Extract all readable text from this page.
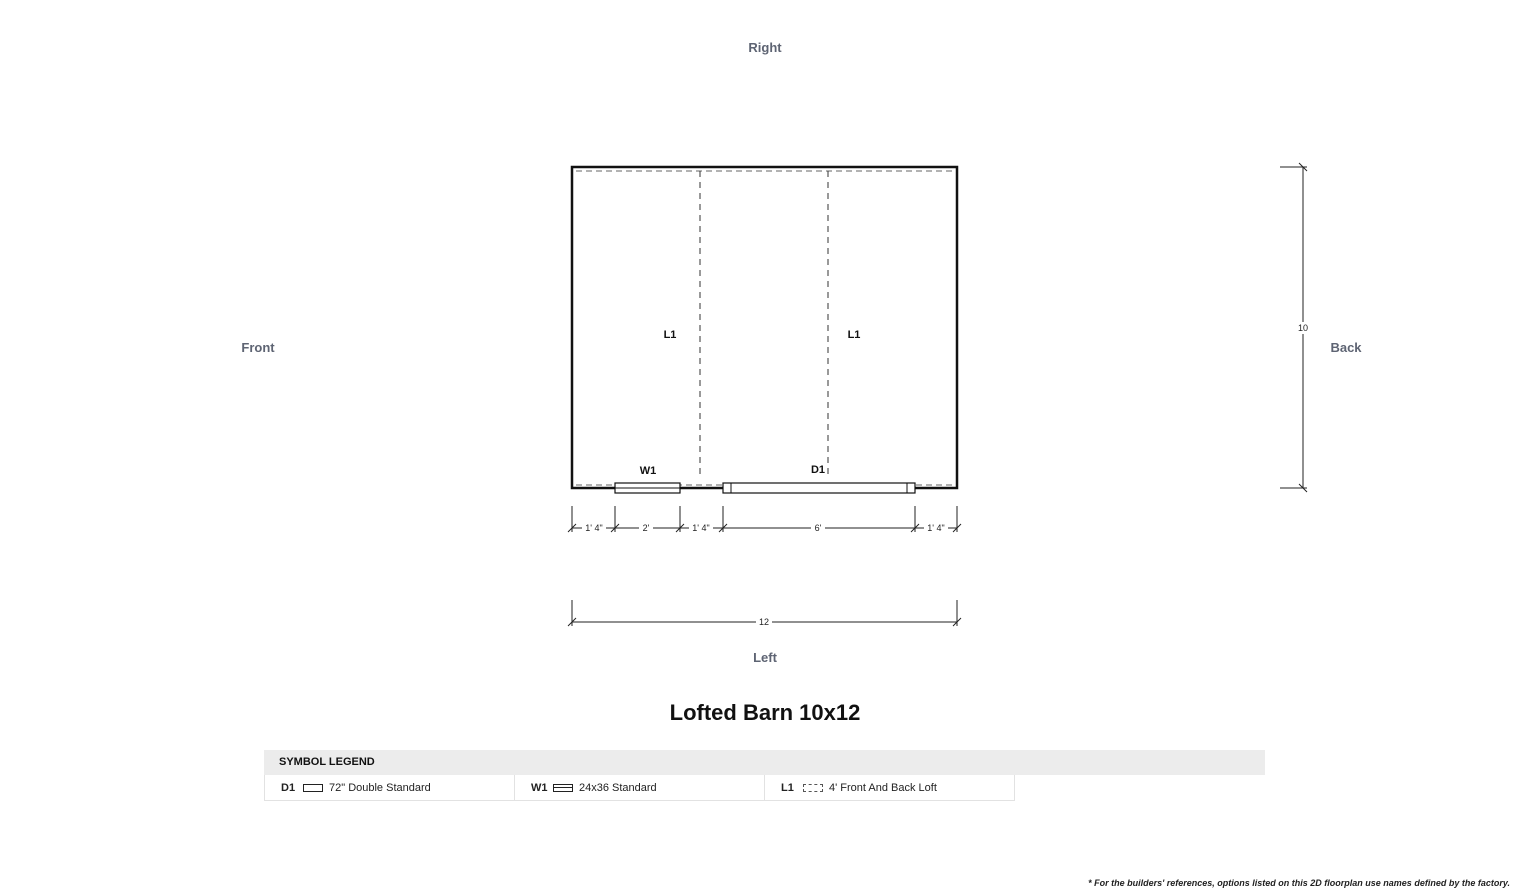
Right
Left
Front	Back
L1	L1
W1	D1
1' 4"	2'	1' 4"	6'	1' 4"
12
10
Lofted Barn 10x12
SYMBOL LEGEND
D1	72" Double Standard	W1	24x36 Standard	L1	4' Front And Back Loft
* For the builders' references, options listed on this 2D floorplan use names defined by the factory.
